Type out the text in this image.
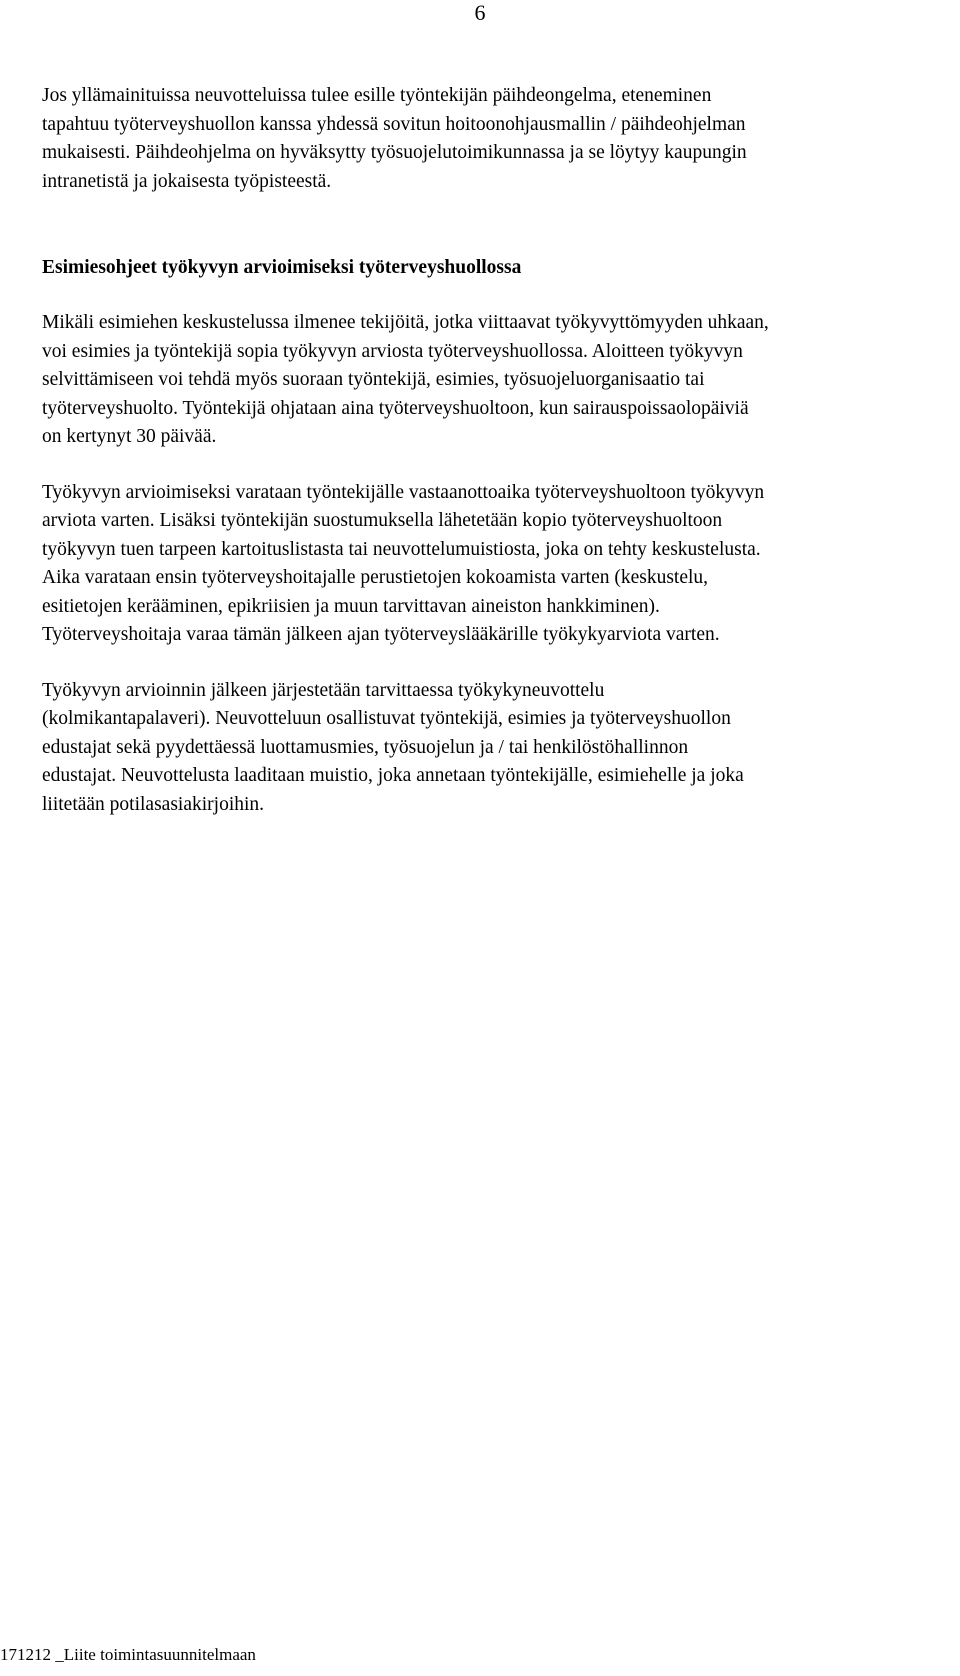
6

Jos yllämainituissa neuvotteluissa tulee esille työntekijän päihdeongelma, eteneminen
tapahtuu työterveyshuollon kanssa yhdessä sovitun hoitoonohjausmallin / päihdeohjelman
mukaisesti. Päihdeohjelma on hyväksytty työsuojelutoimikunnassa ja se löytyy kaupungin
intranetistä ja jokaisesta työpisteestä.

Esimiesohjeet työkyvyn arvioimiseksi työterveyshuollossa

Mikäli esimiehen keskustelussa ilmenee tekijöitä, jotka viittaavat työkyvyttömyyden uhkaan,
voi esimies ja työntekijä sopia työkyvyn arviosta työterveyshuollossa. Aloitteen työkyvyn
selvittämiseen voi tehdä myös suoraan työntekijä, esimies, työsuojeluorganisaatio tai
työterveyshuolto. Työntekijä ohjataan aina työterveyshuoltoon, kun sairauspoissaolopäiviä
on kertynyt 30 päivää.

Työkyvyn arvioimiseksi varataan työntekijälle vastaanottoaika työterveyshuoltoon työkyvyn
arviota varten. Lisäksi työntekijän suostumuksella lähetetään kopio työterveyshuoltoon
työkyvyn tuen tarpeen kartoituslistasta tai neuvottelumuistiosta, joka on tehty keskustelusta.
Aika varataan ensin työterveyshoitajalle perustietojen kokoamista varten (keskustelu,
esitietojen kerääminen, epikriisien ja muun tarvittavan aineiston hankkiminen).
Työterveyshoitaja varaa tämän jälkeen ajan työterveyslääkärille työkykyarviota varten.

Työkyvyn arvioinnin jälkeen järjestetään tarvittaessa työkykyneuvottelu
(kolmikantapalaveri). Neuvotteluun osallistuvat työntekijä, esimies ja työterveyshuollon
edustajat sekä pyydettäessä luottamusmies, työsuojelun ja / tai henkilöstöhallinnon
edustajat. Neuvottelusta laaditaan muistio, joka annetaan työntekijälle, esimiehelle ja joka
liitetään potilasasiakirjoihin.

171212 _Liite toimintasuunnitelmaan
